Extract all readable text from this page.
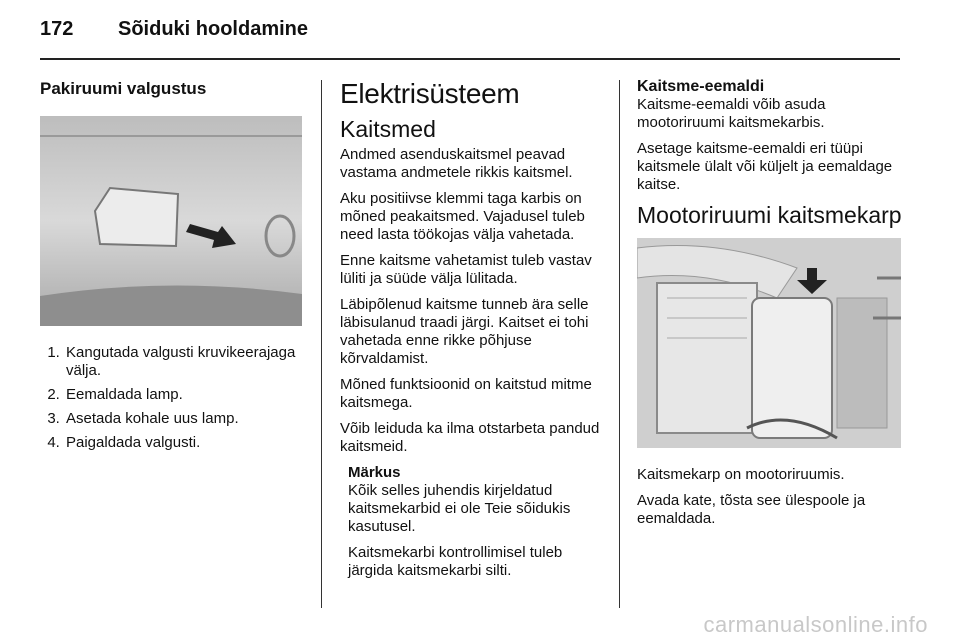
172 Sõiduki hooldamine
Pakiruumi valgustus
1. Kangutada valgusti kruvikeerajaga välja.
2. Eemaldada lamp.
3. Asetada kohale uus lamp.
4. Paigaldada valgusti.
Elektrisüsteem
Kaitsmed

Andmed asenduskaitsmel peavad vastama andmetele rikkis kaitsmel.

Aku positiivse klemmi taga karbis on mõned peakaitsmed. Vajadusel tuleb need lasta töökojas välja vahetada.

Enne kaitsme vahetamist tuleb vastav lüliti ja süüde välja lülitada.

Läbipõlenud kaitsme tunneb ära selle läbisulanud traadi järgi. Kaitset ei tohi vahetada enne rikke põhjuse kõrvaldamist.

Mõned funktsioonid on kaitstud mitme kaitsmega.

Võib leiduda ka ilma otstarbeta pandud kaitsmeid.

Märkus

Kõik selles juhendis kirjeldatud kaitsmekarbid ei ole Teie sõidukis kasutusel.

Kaitsmekarbi kontrollimisel tuleb järgida kaitsmekarbi silti.

Kaitsme-eemaldi

Kaitsme-eemaldi võib asuda mootoriruumi kaitsmekarbis.

Asetage kaitsme-eemaldi eri tüüpi kaitsmele ülalt või küljelt ja eemaldage kaitse.

Mootoriruumi kaitsmekarp

Kaitsmekarp on mootoriruumis.

Avada kate, tõsta see ülespoole ja eemaldada.

carmanualsonline.info
